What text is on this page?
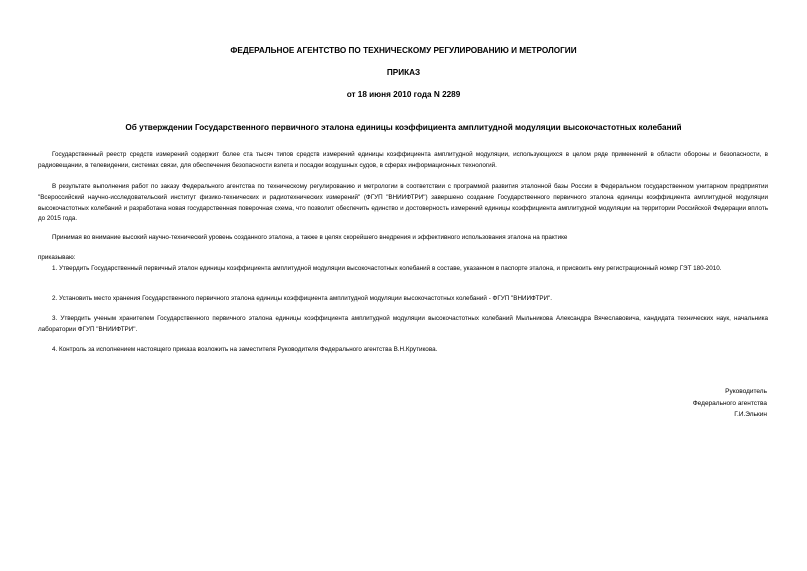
ФЕДЕРАЛЬНОЕ АГЕНТСТВО ПО ТЕХНИЧЕСКОМУ РЕГУЛИРОВАНИЮ И МЕТРОЛОГИИ
ПРИКАЗ
от 18 июня 2010 года N 2289
Об утверждении Государственного первичного эталона единицы коэффициента амплитудной модуляции высокочастотных колебаний

Государственный реестр средств измерений содержит более ста тысяч типов средств измерений единицы коэффициента амплитудной модуляции, использующихся в целом ряде применений в области обороны и безопасности, в радиовещании, в телевидении, системах связи, для обеспечения безопасности взлета и посадки воздушных судов, в сферах информационных технологий.

В результате выполнения работ по заказу Федерального агентства по техническому регулированию и метрологии в соответствии с программой развития эталонной базы России в Федеральном государственном унитарном предприятии "Всероссийский научно-исследовательский институт физико-технических и радиотехнических измерений" (ФГУП "ВНИИФТРИ") завершено создание Государственного первичного эталона единицы коэффициента амплитудной модуляции высокочастотных колебаний и разработана новая государственная поверочная схема, что позволит обеспечить единство и достоверность измерений единицы коэффициента амплитудной модуляции на территории Российской Федерации вплоть до 2015 года.

Принимая во внимание высокий научно-технический уровень созданного эталона, а также в целях скорейшего внедрения и эффективного использования эталона на практике

приказываю:

1. Утвердить Государственный первичный эталон единицы коэффициента амплитудной модуляции высокочастотных колебаний в составе, указанном в паспорте эталона, и присвоить ему регистрационный номер ГЭТ 180-2010.

2. Установить место хранения Государственного первичного эталона единицы коэффициента амплитудной модуляции высокочастотных колебаний - ФГУП "ВНИИФТРИ".

3. Утвердить ученым хранителем Государственного первичного эталона единицы коэффициента амплитудной модуляции высокочастотных колебаний Мыльникова Александра Вячеславовича, кандидата технических наук, начальника лаборатории ФГУП "ВНИИФТРИ".

4. Контроль за исполнением настоящего приказа возложить на заместителя Руководителя Федерального агентства В.Н.Крутикова.

Руководитель
Федерального агентства
Г.И.Элькин
